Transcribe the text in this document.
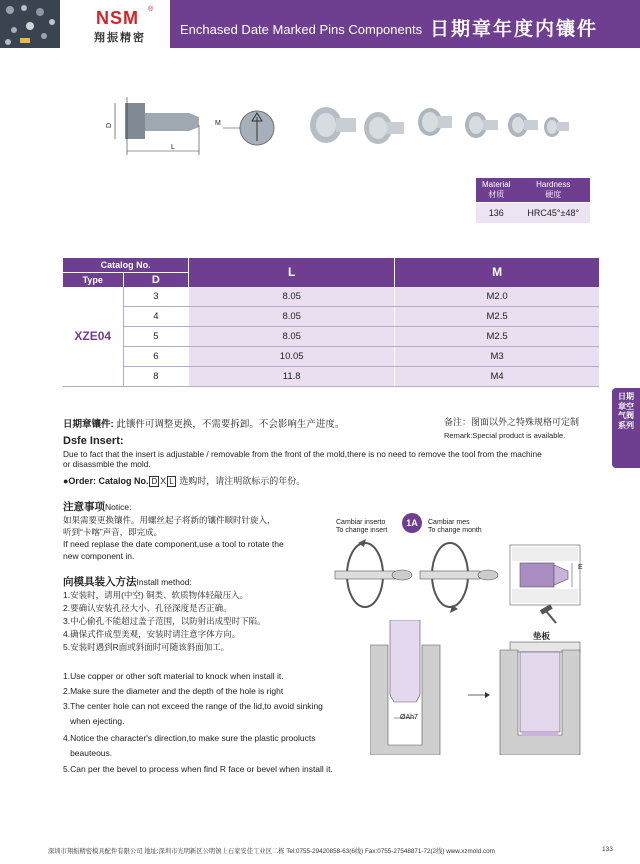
NSM ®
翔振精密
Enchased Date Marked Pins Components 日期章年度内镶件
D
L
M
Material
材质	Hardness
硬度
136	HRC45°±48°
Catalog No.		L	M
Type	D		
XZE04	3	8.05	M2.0
	4	8.05	M2.5
	5	8.05	M2.5
	6	10.05	M3
	8	11.8	M4
日期章空气阀系列
日期章镶件: 此镶件可调整更换，不需要拆卸。不会影响生产进度。	备注：图面以外之特殊规格可定制
Remark:Special product is available.
Dsfe Insert:
Due to fact that the insert is adjustable / removable from the front of the mold,there is no need to remove the tool from the machine
or disassmble the mold.
●Order: Catalog No. D X L 选购时，请注明欲标示的年份。
注意事项Notice:
如果需要更换镶件。用螺丝起子将新的镶件顺时针旋入，
听到“卡喀”声音，即完成。
If need replase the date component,use a tool to rotate the
new component in.
向模具装入方法Install method:
1.安装时，请用(中空) 铜类、软质物体轻敲压入。
2.要确认安装孔径大小、孔径深度是否正确。
3.中心偷孔不能超过盖子范围，以防射出成型时下陷。
4.确保式件成型美观，安装时请注意字体方向。
5.安装时遇到R面或斜面时可随该斜面加工。
1.Use copper or other soft material to knock when install it.
2.Make sure the diameter and the depth of the hole is right
3.The center hole can not exceed the range of the lid,to avoid sinking
when ejecting.
4.Notice the character's direction,to make sure the plastic proolucts
beauteous.
5.Can per the bevel to process when find R face or bevel when install it.
Cambiar inserto
To change insert
1A	Cambiar mes
To change month
E
垫板
ØAh7
深圳市翔振精密模具配件有限公司 地址:深圳市光明新区公明镇上石家安佳工业区二栋 Tel:0755-29420858-63(6线) Fax:0755-27548871-72(2线) www.xzmold.com	133
